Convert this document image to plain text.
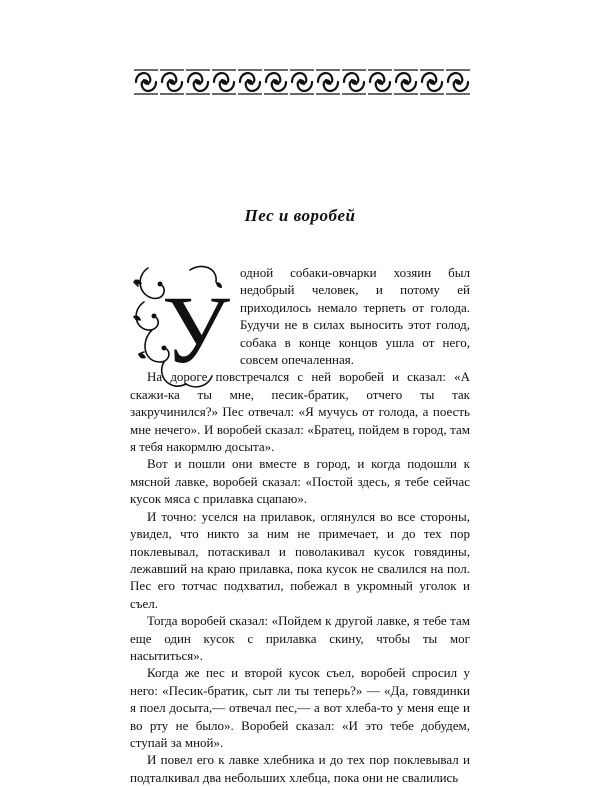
Пес и воробей

одной собаки-овчарки хозяин был недобрый человек, и потому ей приходилось немало терпеть от голода. Будучи не в силах выносить этот голод, собака в конце концов ушла от него, совсем опечаленная.

На дороге повстречался с ней воробей и сказал: «А скажи-ка ты мне, песик-братик, отчего ты так закручинился?» Пес отвечал: «Я мучусь от голода, а поесть мне нечего». И воробей сказал: «Братец, пойдем в город, там я тебя накормлю досыта».

Вот и пошли они вместе в город, и когда подошли к мясной лавке, воробей сказал: «Постой здесь, я тебе сейчас кусок мяса с прилавка сцапаю».

И точно: уселся на прилавок, оглянулся во все стороны, увидел, что никто за ним не примечает, и до тех пор поклевывал, потаскивал и поволакивал кусок говядины, лежавший на краю прилавка, пока кусок не свалился на пол. Пес его тотчас подхватил, побежал в укромный уголок и съел.

Тогда воробей сказал: «Пойдем к другой лавке, я тебе там еще один кусок с прилавка скину, чтобы ты мог насытиться».

Когда же пес и второй кусок съел, воробей спросил у него: «Песик-братик, сыт ли ты теперь?» — «Да, говядинки я поел досыта,— отвечал пес,— а вот хлеба-то у меня еще и во рту не было». Воробей сказал: «И это тебе добудем, ступай за мной».

И повел его к лавке хлебника и до тех пор поклевывал и подталкивал два небольших хлебца, пока они не свалились

У
